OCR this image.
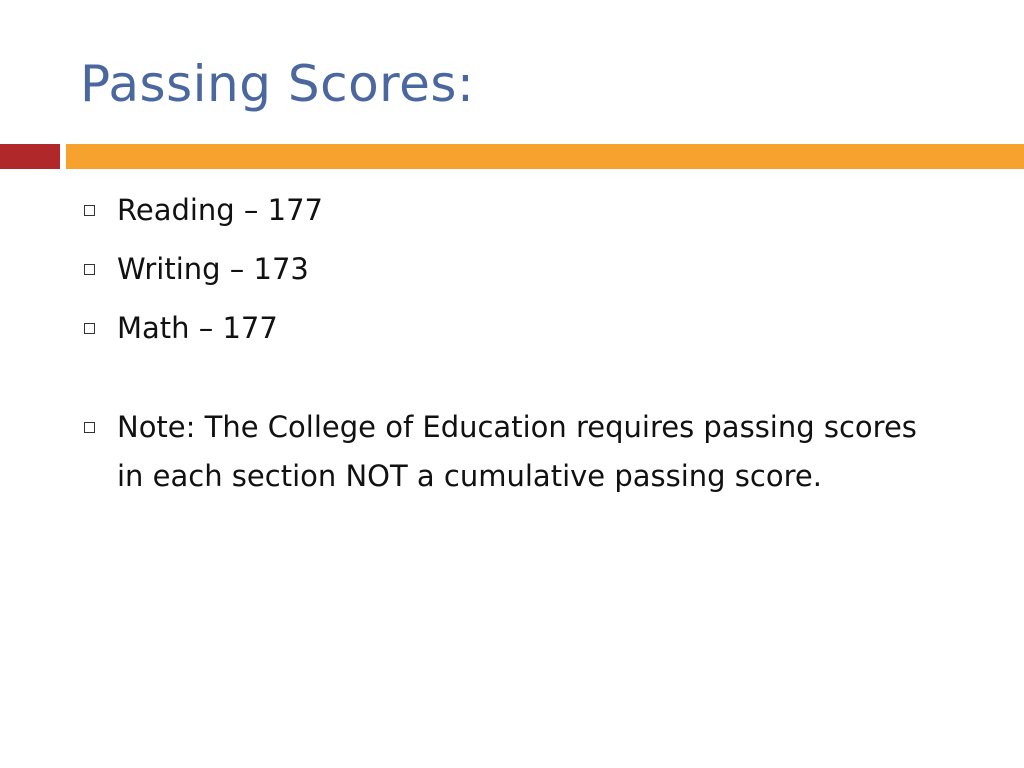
Passing Scores:
Reading – 177
Writing – 173
Math – 177
Note: The College of Education requires passing scores in each section NOT a cumulative passing score.
